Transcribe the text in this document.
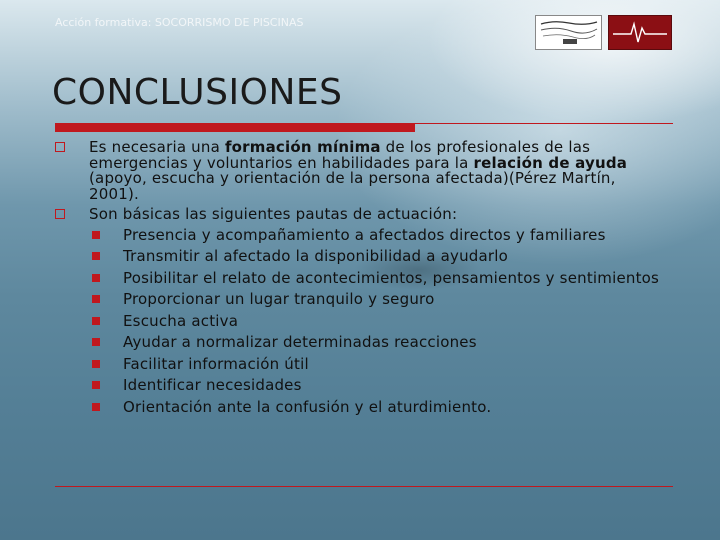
Acción formativa: SOCORRISMO DE PISCINAS
CONCLUSIONES
Es necesaria una formación mínima de los profesionales de las emergencias y voluntarios en habilidades para la relación de ayuda (apoyo, escucha y orientación de la persona afectada)(Pérez Martín, 2001).
Son básicas las siguientes pautas de actuación:
Presencia y acompañamiento a afectados directos y familiares
Transmitir al afectado la disponibilidad a ayudarlo
Posibilitar el relato de acontecimientos, pensamientos y sentimientos
Proporcionar un lugar tranquilo y seguro
Escucha activa
Ayudar a normalizar determinadas reacciones
Facilitar información útil
Identificar necesidades
Orientación ante la confusión y el aturdimiento.
